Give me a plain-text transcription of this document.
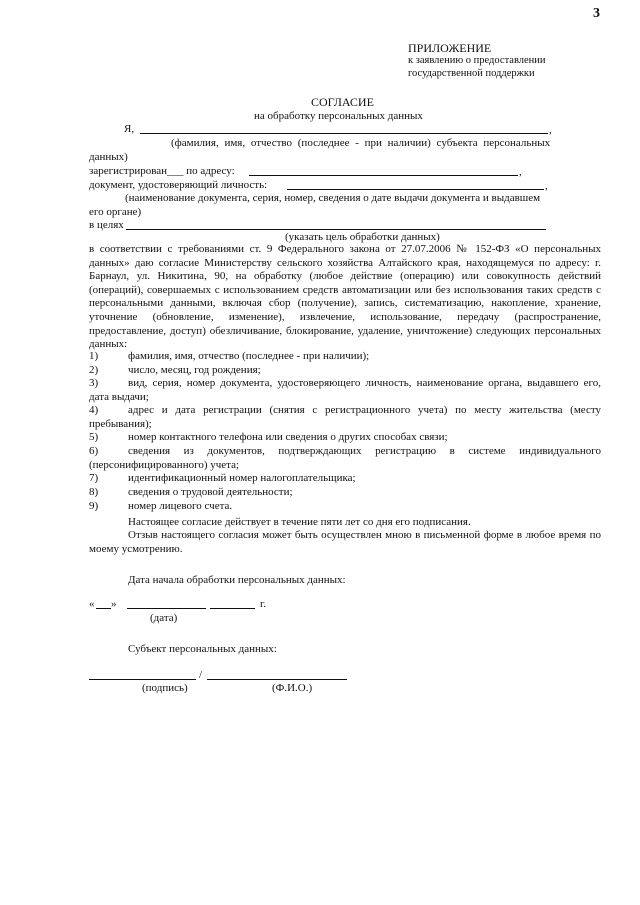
3
ПРИЛОЖЕНИЕ
к заявлению о предоставлении
государственной поддержки
СОГЛАСИЕ
на обработку персональных данных
Я,	,
(фамилия, имя, отчество (последнее - при наличии) субъекта персональных
данных)
зарегистрирован___ по адресу:	,
документ, удостоверяющий личность:	,
(наименование документа, серия, номер, сведения о дате выдачи документа и выдавшем
его органе)
в целях
(указать цель обработки данных)
в соответствии с требованиями ст. 9 Федерального закона от 27.07.2006 № 152-ФЗ «О персональных данных» даю согласие Министерству сельского хозяйства Алтайского края, находящемуся по адресу: г. Барнаул, ул. Никитина, 90, на обработку (любое действие (операцию) или совокупность действий (операций), совершаемых с использованием средств автоматизации или без использования таких средств с персональными данными, включая сбор (получение), запись, систематизацию, накопление, хранение, уточнение (обновление, изменение), извлечение, использование, передачу (распространение, предоставление, доступ) обезличивание, блокирование, удаление, уничтожение) следующих персональных данных:
1)	фамилия, имя, отчество (последнее - при наличии);
2)	число, месяц, год рождения;
3)	вид, серия, номер документа, удостоверяющего личность, наименование органа, выдавшего его, дата выдачи;
4)	адрес и дата регистрации (снятия с регистрационного учета) по месту жительства (месту пребывания);
5)	номер контактного телефона или сведения о других способах связи;
6)	сведения из документов, подтверждающих регистрацию в системе индивидуального (персонифицированного) учета;
7)	идентификационный номер налогоплательщика;
8)	сведения о трудовой деятельности;
9)	номер лицевого счета.
Настоящее согласие действует в течение пяти лет со дня его подписания.
Отзыв настоящего согласия может быть осуществлен мною в письменной форме в любое время по моему усмотрению.
Дата начала обработки персональных данных:
« »	г.
(дата)
Субъект персональных данных:
/
(подпись)	(Ф.И.О.)
